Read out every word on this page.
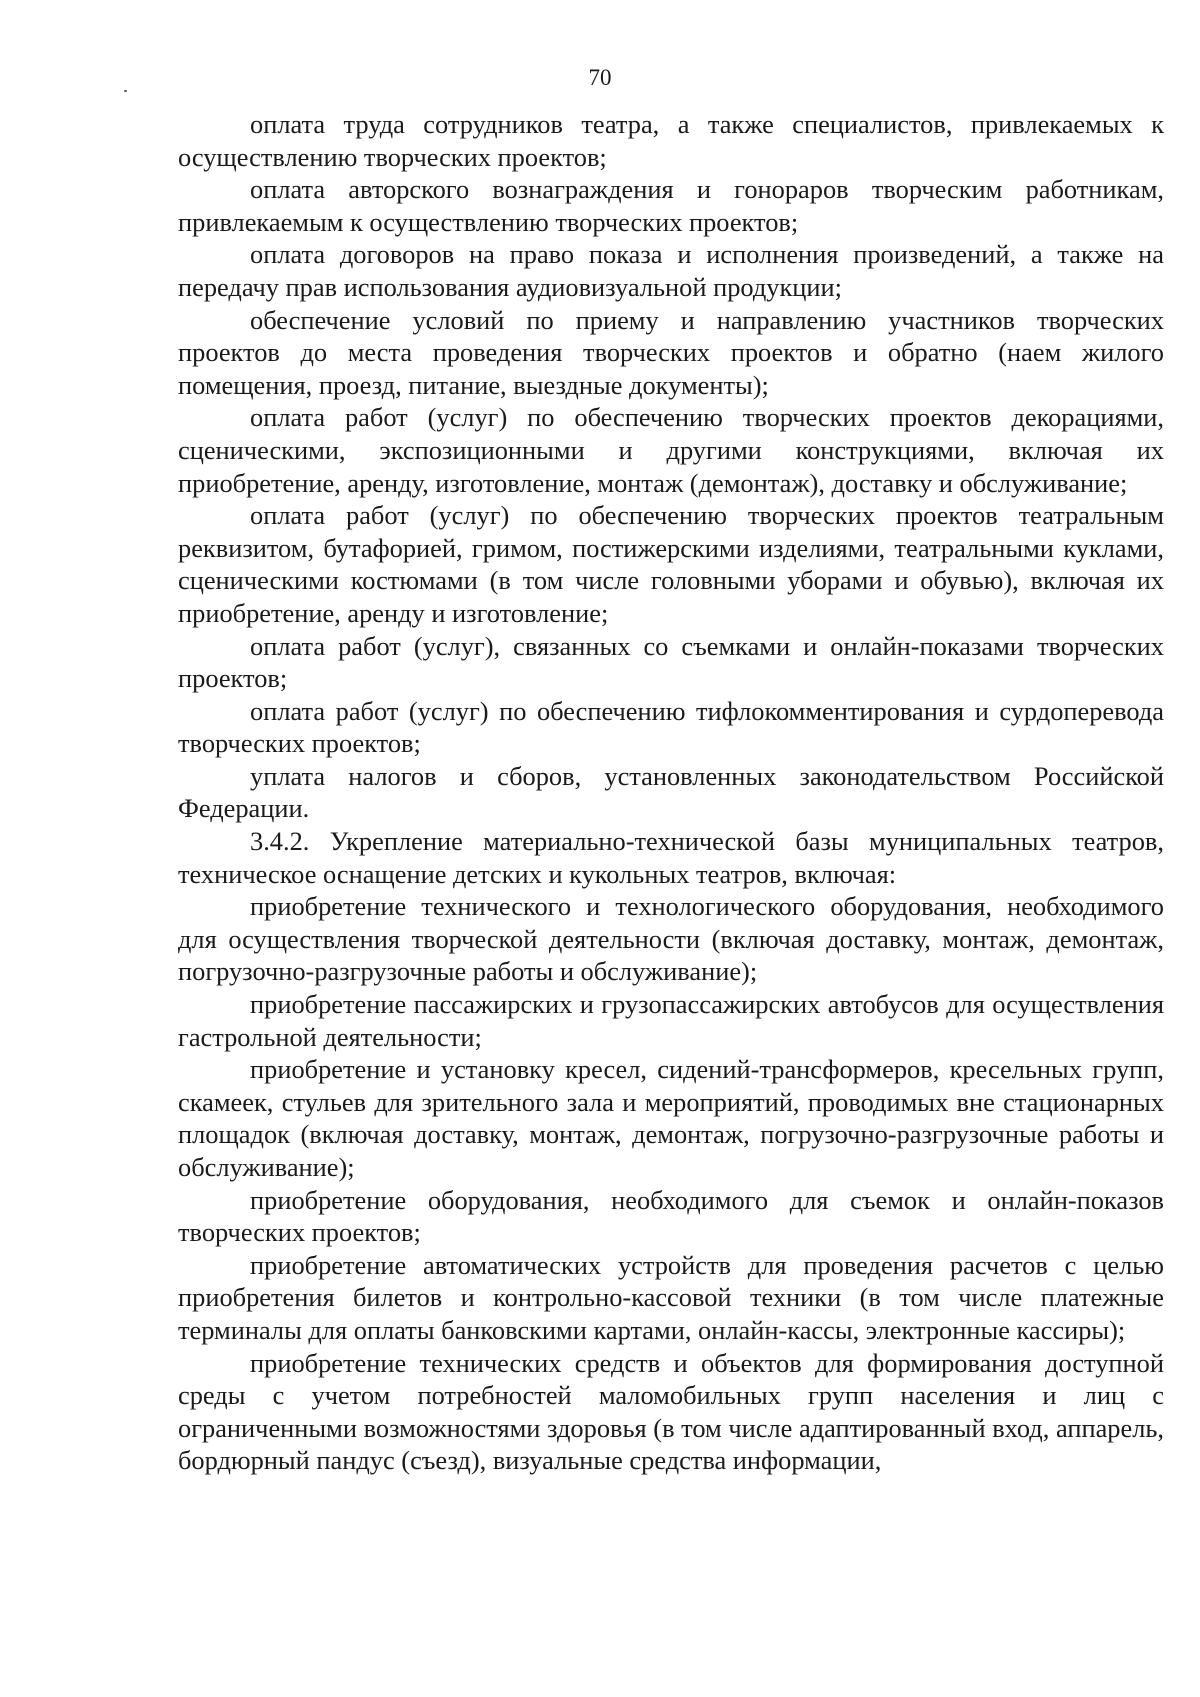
70

оплата труда сотрудников театра, а также специалистов, привлекаемых к осуществлению творческих проектов;

оплата авторского вознаграждения и гонораров творческим работникам, привлекаемым к осуществлению творческих проектов;

оплата договоров на право показа и исполнения произведений, а также на передачу прав использования аудиовизуальной продукции;

обеспечение условий по приему и направлению участников творческих проектов до места проведения творческих проектов и обратно (наем жилого помещения, проезд, питание, выездные документы);

оплата работ (услуг) по обеспечению творческих проектов декорациями, сценическими, экспозиционными и другими конструкциями, включая их приобретение, аренду, изготовление, монтаж (демонтаж), доставку и обслуживание;

оплата работ (услуг) по обеспечению творческих проектов театральным реквизитом, бутафорией, гримом, постижерскими изделиями, театральными куклами, сценическими костюмами (в том числе головными уборами и обувью), включая их приобретение, аренду и изготовление;

оплата работ (услуг), связанных со съемками и онлайн-показами творческих проектов;

оплата работ (услуг) по обеспечению тифлокомментирования и сурдоперевода творческих проектов;

уплата налогов и сборов, установленных законодательством Российской Федерации.

3.4.2. Укрепление материально-технической базы муниципальных театров, техническое оснащение детских и кукольных театров, включая:

приобретение технического и технологического оборудования, необходимого для осуществления творческой деятельности (включая доставку, монтаж, демонтаж, погрузочно-разгрузочные работы и обслуживание);

приобретение пассажирских и грузопассажирских автобусов для осуществления гастрольной деятельности;

приобретение и установку кресел, сидений-трансформеров, кресельных групп, скамеек, стульев для зрительного зала и мероприятий, проводимых вне стационарных площадок (включая доставку, монтаж, демонтаж, погрузочно-разгрузочные работы и обслуживание);

приобретение оборудования, необходимого для съемок и онлайн-показов творческих проектов;

приобретение автоматических устройств для проведения расчетов с целью приобретения билетов и контрольно-кассовой техники (в том числе платежные терминалы для оплаты банковскими картами, онлайн-кассы, электронные кассиры);

приобретение технических средств и объектов для формирования доступной среды с учетом потребностей маломобильных групп населения и лиц с ограниченными возможностями здоровья (в том числе адаптированный вход, аппарель, бордюрный пандус (съезд), визуальные средства информации,
